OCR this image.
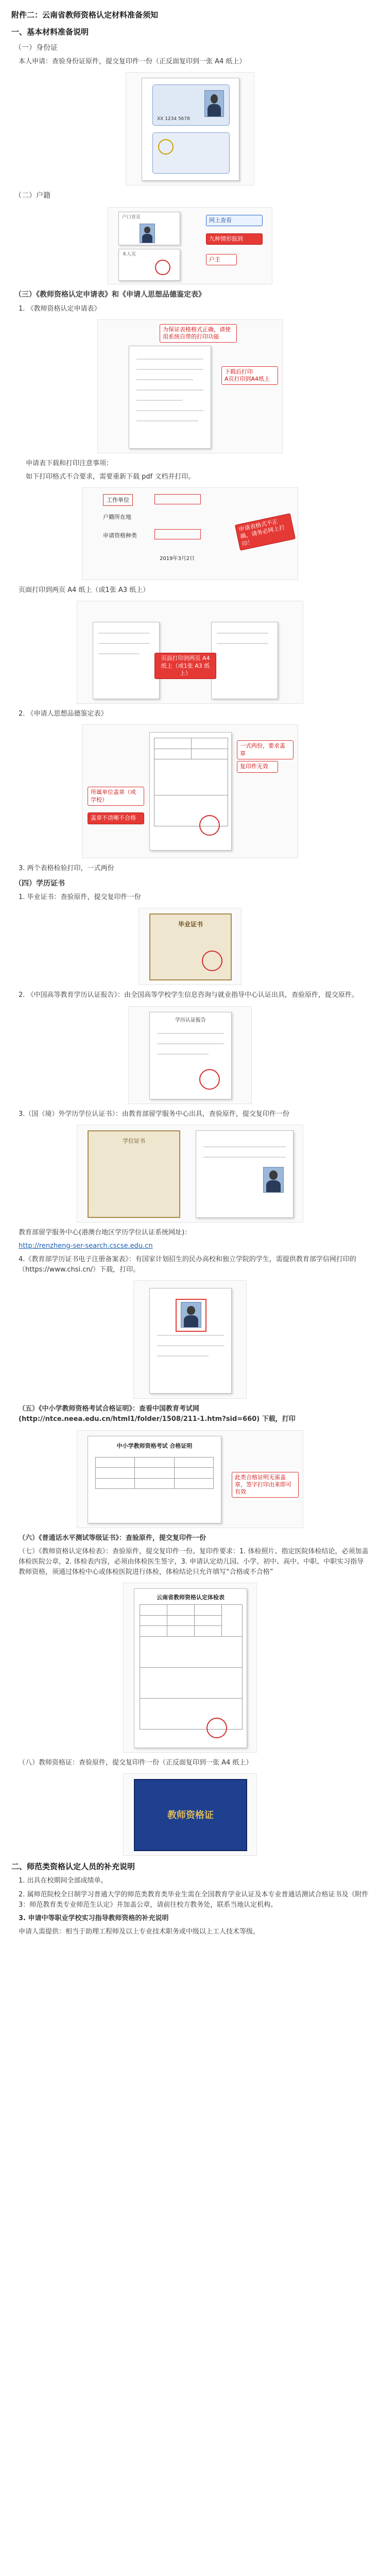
附件二：云南省教师资格认定材料准备须知
一、基本材料准备说明
（一）身份证
本人申请：查验身份证原件，提交复印件一份（正反面复印到一张 A4 纸上）
XX 1234 5678
（二）户籍
户口首页
本人页
网上查看
九种情形报到
户主
（三）《教师资格认定申请表》和《申请人思想品德鉴定表》
1. 《教师资格认定申请表》
为保证表格格式正确，请使用系统自带的打印功能
下载后打印
A页打印到A4纸上
申请表下载和打印注意事项：
如下打印格式不合要求，需要重新下载 pdf 文档并打印。
工作单位
户籍所在地
申请资格种类
2019年3月2日
申请表格式不正确，请务必网上打印！
页面打印到两页 A4 纸上（或1张 A3 纸上）
页面打印到两页 A4 纸上（或1张 A3 纸上）
2. 《申请人思想品德鉴定表》

一式两份，要求盖章
复印件无效
所属单位盖章（或学校）
盖章不清晰不合格
3. 两个表格检验打印，一式两份
（四）学历证书
1. 毕业证书：查验原件，提交复印件一份
毕业证书
2. 《中国高等教育学历认证报告》：由全国高等学校学生信息咨询与就业指导中心认证出具，查验原件，提交原件。
学历认证报告
3.（国（境）外学历学位认证书）：由教育部留学服务中心出具，查验原件，提交复印件一份
学位证书
教育部留学服务中心(港澳台地区学历学位认证系统网址)：
http://renzheng-ser-search.cscse.edu.cn
4.《教育部学历证书电子注册备案表》：有国家计划招生的民办高校和独立学院的学生，需提供教育部学信网打印的（https://www.chsi.cn/）下载，打印。
（五）《中小学教师资格考试合格证明》：查看中国教育考试网(http://ntce.neea.edu.cn/html1/folder/1508/211-1.htm?sid=660) 下载，打印
中小学教师资格考试 合格证明

此类合格证明无需盖章，签字打印出来即可有效
（六）《普通话水平测试等级证书》：查验原件，提交复印件一份
（七）《教师资格认定体检表》：查验原件，提交复印件一份。复印件要求：1. 体检照片、指定医院体检结论，必须加盖体检医院公章，2. 体检表内容，必须由体检医生签字，3. 申请认定幼儿园、小学、初中、高中、中职、中职实习指导教师资格，须通过体检中心或体检医院进行体检，体检结论只允许填写“合格或不合格”
云南省教师资格认定体检表

（八）教师资格证：查验原件，提交复印件一份（正反面复印到一张 A4 纸上）
教师资格证
二、师范类资格认定人员的补充说明
1. 出具在校期间全部成绩单。
2. 属师范院校全日制学习普通大学的师范类教育类毕业生需在全国教育学业认证及本专业普通话测试合格证书及《附件3：师范教育类专业师范生认定》并加盖公章，请前往校方教务处，联系当地认定机构。
3. 申请中等职业学校实习指导教师资格的补充说明
申请人需提供：相当于助理工程师及以上专业技术职务或中级以上工人技术等级。
